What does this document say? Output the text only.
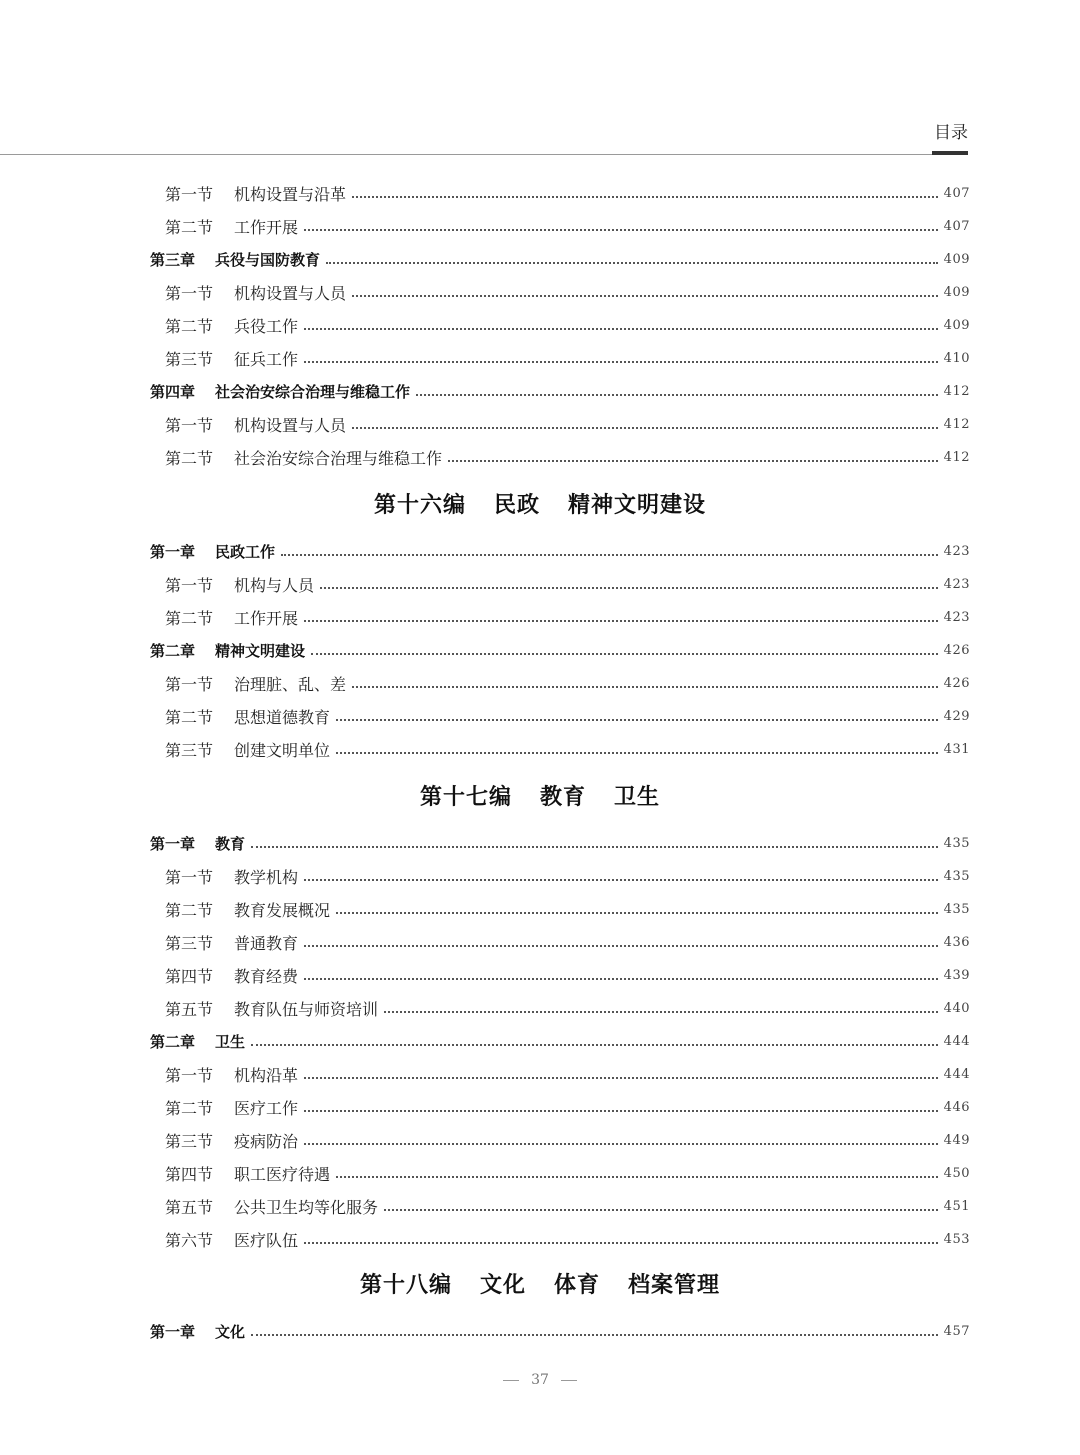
目录
第一节 机构设置与沿革	407
第二节 工作开展	407
第三章 兵役与国防教育	409
第一节 机构设置与人员	409
第二节 兵役工作	409
第三节 征兵工作	410
第四章 社会治安综合治理与维稳工作	412
第一节 机构设置与人员	412
第二节 社会治安综合治理与维稳工作	412
第十六编 民政 精神文明建设
第一章 民政工作	423
第一节 机构与人员	423
第二节 工作开展	423
第二章 精神文明建设	426
第一节 治理脏、乱、差	426
第二节 思想道德教育	429
第三节 创建文明单位	431
第十七编 教育 卫生
第一章 教育	435
第一节 教学机构	435
第二节 教育发展概况	435
第三节 普通教育	436
第四节 教育经费	439
第五节 教育队伍与师资培训	440
第二章 卫生	444
第一节 机构沿革	444
第二节 医疗工作	446
第三节 疫病防治	449
第四节 职工医疗待遇	450
第五节 公共卫生均等化服务	451
第六节 医疗队伍	453
第十八编 文化 体育 档案管理
第一章 文化	457
37
